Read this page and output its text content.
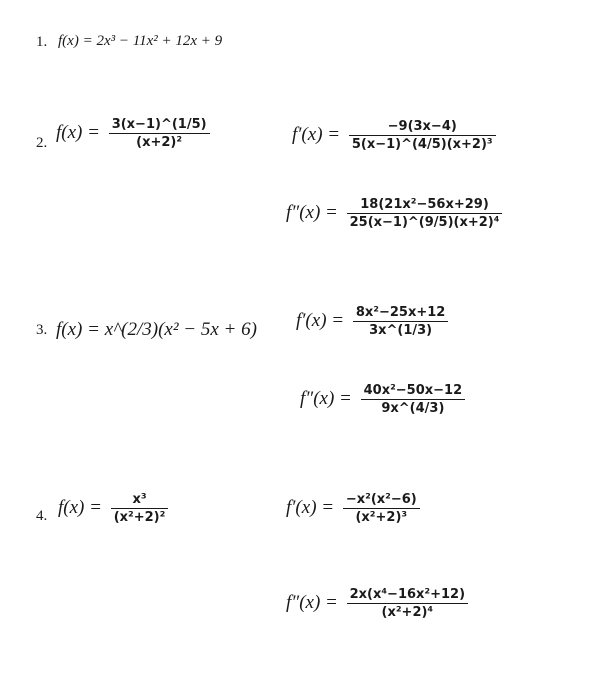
1. f(x) = 2x³ − 11x² + 12x + 9
2.
$f(x) = \frac{3(x-1)\^{}(1/5)}{\text{(x+2)²}}$	$f'(x) = \frac{-9(3x-4)}{\text{5(x−1)\textasciicircum{}(4/5)(x+2)³}}$
$f''(x) = \frac{\text{18(21x²−56x+29)}}{\text{25(x−1)\textasciicircum{}(9/5)(x+2)⁴}}$
3. f(x) = x^(2/3)(x² − 5x + 6) $f'(x) = \frac{\text{8x²−25x+12}}{3x\^{}(1/3)}$
$f''(x) = \frac{\text{40x²−50x−12}}{9x\^{}(4/3)}$
4. $f(x) = \frac{\text{x³}}{\text{(x²+2)²}}$	$f'(x) = \frac{\text{−x²(x²−6)}}{\text{(x²+2)³}}$
$f''(x) = \frac{\text{2x(x⁴−16x²+12)}}{\text{(x²+2)⁴}}$
